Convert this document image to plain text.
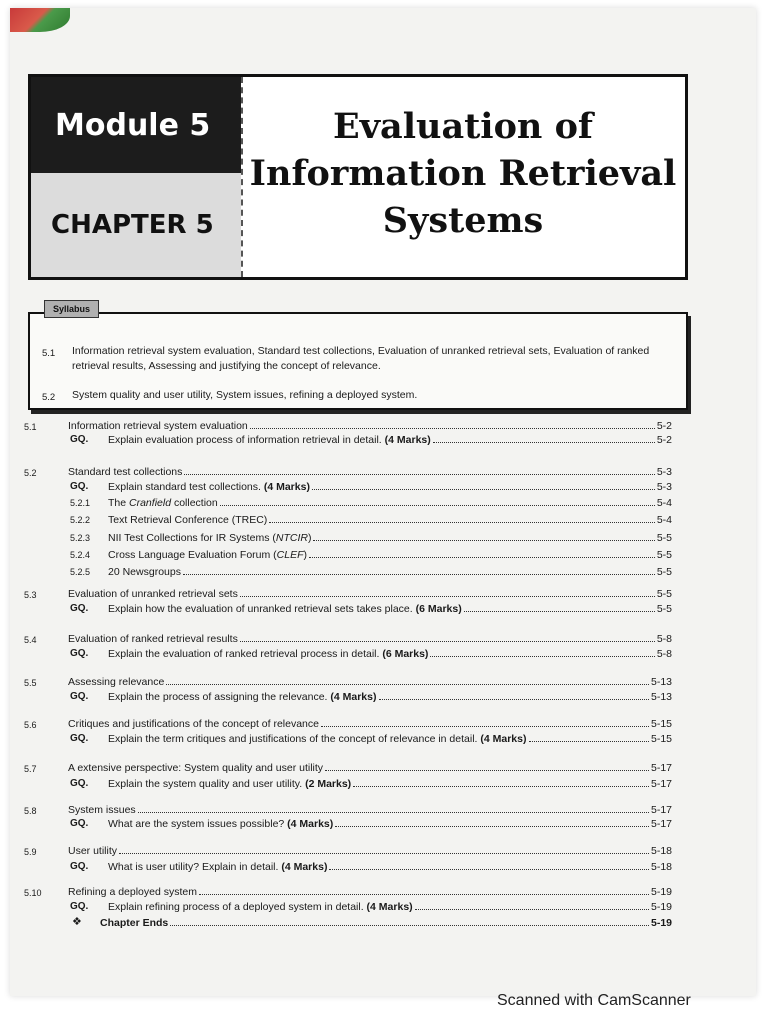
Module 5
CHAPTER 5
Evaluation of
Information Retrieval
Systems
Syllabus
5.1 Information retrieval system evaluation, Standard test collections, Evaluation of unranked retrieval sets, Evaluation of ranked retrieval results, Assessing and justifying the concept of relevance.
5.2 System quality and user utility, System issues, refining a deployed system.
5.1	Information retrieval system evaluation	5-2
GQ.	Explain evaluation process of information retrieval in detail. (4 Marks)	5-2
5.2	Standard test collections	5-3
GQ.	Explain standard test collections. (4 Marks)	5-3
5.2.1	The Cranfield collection	5-4
5.2.2	Text Retrieval Conference (TREC)	5-4
5.2.3	NII Test Collections for IR Systems (NTCIR)	5-5
5.2.4	Cross Language Evaluation Forum (CLEF)	5-5
5.2.5	20 Newsgroups	5-5
5.3	Evaluation of unranked retrieval sets	5-5
GQ.	Explain how the evaluation of unranked retrieval sets takes place. (6 Marks)	5-5
5.4	Evaluation of ranked retrieval results	5-8
GQ.	Explain the evaluation of ranked retrieval process in detail. (6 Marks)	5-8
5.5	Assessing relevance	5-13
GQ.	Explain the process of assigning the relevance. (4 Marks)	5-13
5.6	Critiques and justifications of the concept of relevance	5-15
GQ.	Explain the term critiques and justifications of the concept of relevance in detail. (4 Marks)	5-15
5.7	A extensive perspective: System quality and user utility	5-17
GQ.	Explain the system quality and user utility. (2 Marks)	5-17
5.8	System issues	5-17
GQ.	What are the system issues possible? (4 Marks)	5-17
5.9	User utility	5-18
GQ.	What is user utility? Explain in detail. (4 Marks)	5-18
5.10	Refining a deployed system	5-19
GQ.	Explain refining process of a deployed system in detail. (4 Marks)	5-19
❖	Chapter Ends	5-19
Scanned with CamScanner
